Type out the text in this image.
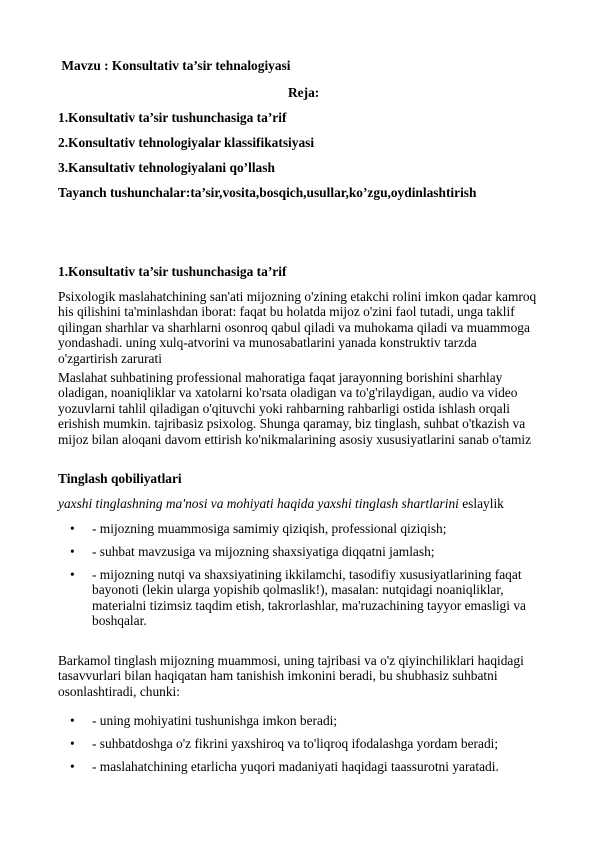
Mavzu : Konsultativ ta’sir tehnalogiyasi
Reja:
1.Konsultativ ta’sir tushunchasiga ta’rif
2.Konsultativ tehnologiyalar klassifikatsiyasi
3.Kansultativ tehnologiyalani qo’llash
Tayanch tushunchalar:ta’sir,vosita,bosqich,usullar,ko’zgu,oydinlashtirish
1.Konsultativ ta’sir tushunchasiga ta’rif
Psixologik maslahatchining san'ati mijozning o'zining etakchi rolini imkon qadar kamroq his qilishini ta'minlashdan iborat: faqat bu holatda mijoz o'zini faol tutadi, unga taklif qilingan sharhlar va sharhlarni osonroq qabul qiladi va muhokama qiladi va muammoga yondashadi. uning xulq-atvorini va munosabatlarini yanada konstruktiv tarzda o'zgartirish zarurati
Maslahat suhbatining professional mahoratiga faqat jarayonning borishini sharhlay oladigan, noaniqliklar va xatolarni ko'rsata oladigan va to'g'rilaydigan, audio va video yozuvlarni tahlil qiladigan o'qituvchi yoki rahbarning rahbarligi ostida ishlash orqali erishish mumkin. tajribasiz psixolog. Shunga qaramay, biz tinglash, suhbat o'tkazish va mijoz bilan aloqani davom ettirish ko'nikmalarining asosiy xususiyatlarini sanab o'tamiz
Tinglash qobiliyatlari
yaxshi tinglashning ma'nosi va mohiyati haqida yaxshi tinglash shartlarini eslaylik
• - mijozning muammosiga samimiy qiziqish, professional qiziqish;
• - suhbat mavzusiga va mijozning shaxsiyatiga diqqatni jamlash;
• - mijozning nutqi va shaxsiyatining ikkilamchi, tasodifiy xususiyatlarining faqat bayonoti (lekin ularga yopishib qolmaslik!), masalan: nutqidagi noaniqliklar, materialni tizimsiz taqdim etish, takrorlashlar, ma'ruzachining tayyor emasligi va boshqalar.
Barkamol tinglash mijozning muammosi, uning tajribasi va o'z qiyinchiliklari haqidagi tasavvurlari bilan haqiqatan ham tanishish imkonini beradi, bu shubhasiz suhbatni osonlashtiradi, chunki:
• - uning mohiyatini tushunishga imkon beradi;
• - suhbatdoshga o'z fikrini yaxshiroq va to'liqroq ifodalashga yordam beradi;
• - maslahatchining etarlicha yuqori madaniyati haqidagi taassurotni yaratadi.
